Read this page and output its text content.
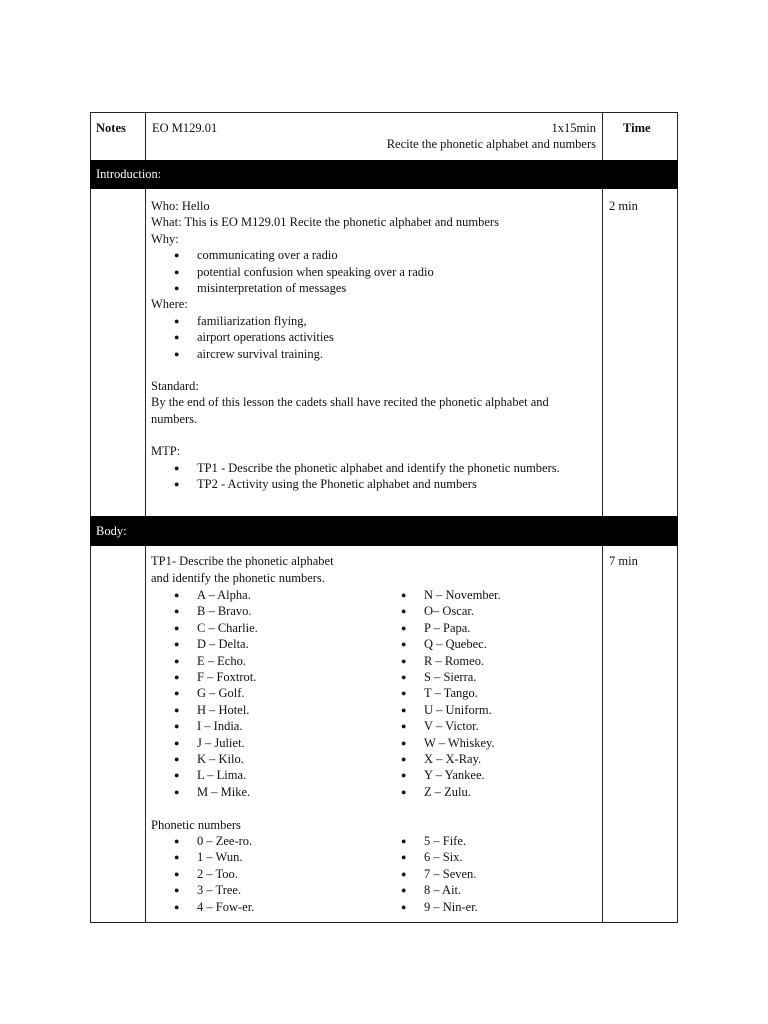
Notes EO M129.01	1x15min
Recite the phonetic alphabet and numbers
Time
Introduction:
2 min
Who: Hello
What: This is EO M129.01 Recite the phonetic alphabet and numbers
Why:
● communicating over a radio
● potential confusion when speaking over a radio
● misinterpretation of messages
Where:
● familiarization flying,
● airport operations activities
● aircrew survival training.
Standard:
By the end of this lesson the cadets shall have recited the phonetic alphabet and
numbers.
MTP:
● TP1 - Describe the phonetic alphabet and identify the phonetic numbers.
● TP2 - Activity using the Phonetic alphabet and numbers
Body:
7 min
TP1- Describe the phonetic alphabet
and identify the phonetic numbers.
● A – Alpha.
● B – Bravo.
● C – Charlie.
● D – Delta.
● E – Echo.
● F – Foxtrot.
● G – Golf.
● H – Hotel.
● I – India.
● J – Juliet.
● K – Kilo.
● L – Lima.
● M – Mike.
● N – November.
● O– Oscar.
● P – Papa.
● Q – Quebec.
● R – Romeo.
● S – Sierra.
● T – Tango.
● U – Uniform.
● V – Victor.
● W – Whiskey.
● X – X-Ray.
● Y – Yankee.
● Z – Zulu.
Phonetic numbers
● 0 – Zee-ro.
● 1 – Wun.
● 2 – Too.
● 3 – Tree.
● 4 – Fow-er.
● 5 – Fife.
● 6 – Six.
● 7 – Seven.
● 8 – Ait.
● 9 – Nin-er.
